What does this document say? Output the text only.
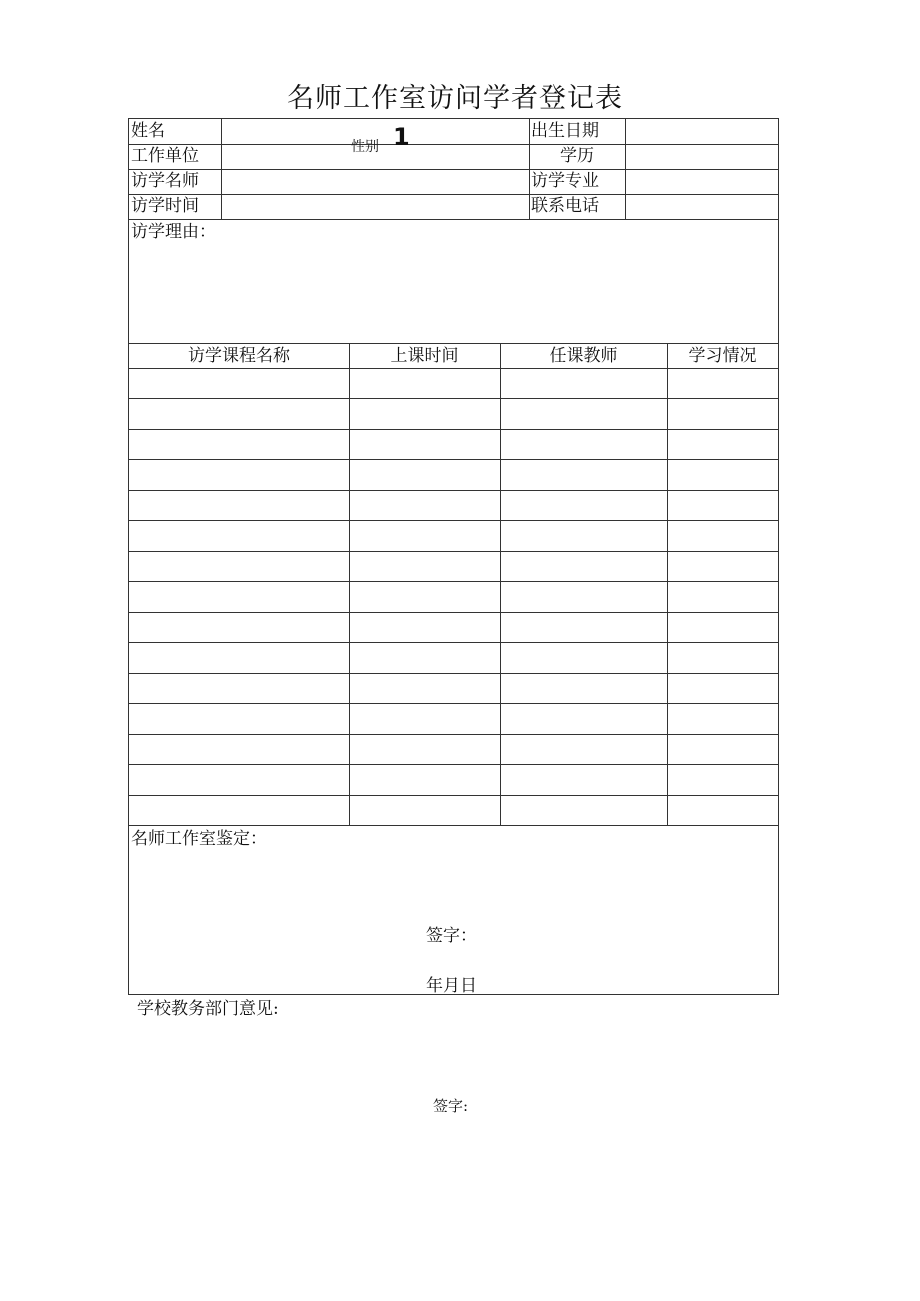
名师工作室访问学者登记表
姓名	出生日期
工作单位	学历
访学名师	访学专业
访学时间	联系电话
性别 1
访学理由：
访学课程名称	上课时间	任课教师	学习情况
名师工作室鉴定：
签字：
年月日
学校教务部门意见:
签字:
